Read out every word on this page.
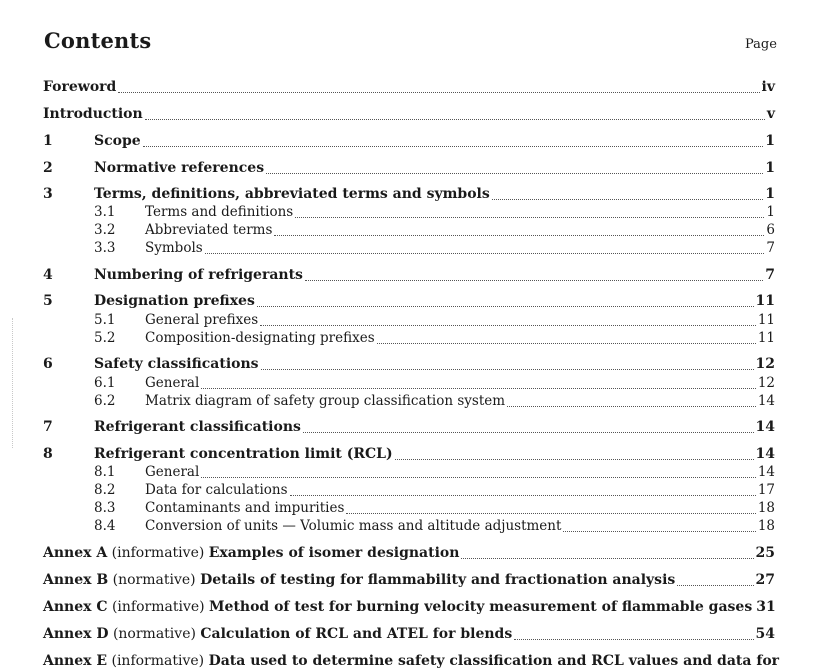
Contents	Page
Foreword	iv
Introduction	v
1	Scope	1
2	Normative references	1
3	Terms, definitions, abbreviated terms and symbols	1
3.1	Terms and definitions	1
3.2	Abbreviated terms	6
3.3	Symbols	7
4	Numbering of refrigerants	7
5	Designation prefixes	11
5.1	General prefixes	11
5.2	Composition-designating prefixes	11
6	Safety classifications	12
6.1	General	12
6.2	Matrix diagram of safety group classification system	14
7	Refrigerant classifications	14
8	Refrigerant concentration limit (RCL)	14
8.1	General	14
8.2	Data for calculations	17
8.3	Contaminants and impurities	18
8.4	Conversion of units — Volumic mass and altitude adjustment	18
Annex A (informative) Examples of isomer designation	25
Annex B (normative) Details of testing for flammability and fractionation analysis	27
Annex C (informative) Method of test for burning velocity measurement of flammable gases 31
Annex D (normative) Calculation of RCL and ATEL for blends	54
Annex E (informative) Data used to determine safety classification and RCL values and data for
